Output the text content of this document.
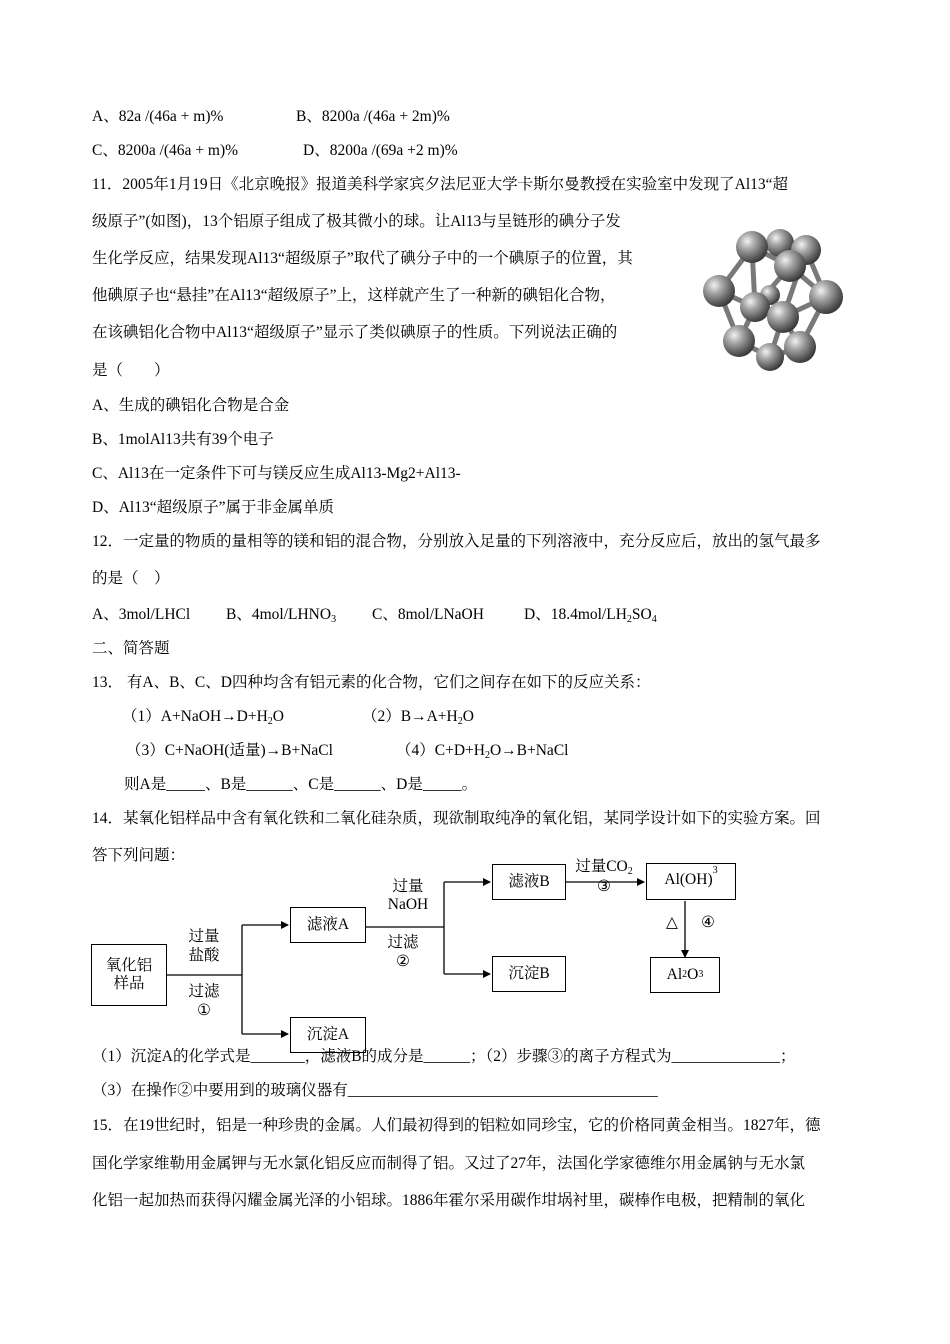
A、82a /(46a + m)%	B、8200a /(46a + 2m)%
C、8200a /(46a + m)%	D、8200a /(69a +2 m)%
11．2005年1月19日《北京晚报》报道美科学家宾夕法尼亚大学卡斯尔曼教授在实验室中发现了Al13“超
级原子”(如图)，13个铝原子组成了极其微小的球。让Al13与呈链形的碘分子发
生化学反应，结果发现Al13“超级原子”取代了碘分子中的一个碘原子的位置，其
他碘原子也“悬挂”在Al13“超级原子”上，这样就产生了一种新的碘铝化合物，
在该碘铝化合物中Al13“超级原子”显示了类似碘原子的性质。下列说法正确的
是（　　）
A、生成的碘铝化合物是合金
B、1molAl13共有39个电子
C、Al13在一定条件下可与镁反应生成Al13-Mg2+Al13-
D、Al13“超级原子”属于非金属单质
12．一定量的物质的量相等的镁和铝的混合物，分别放入足量的下列溶液中，充分反应后，放出的氢气最多
的是（　）
A、3mol/LHCl B、$4mol/LHNO_3$ C、8mol/LNaOH	D、$18.4mol/LH_2SO_4$
二、简答题
13． 有A、B、C、D四种均含有铝元素的化合物，它们之间存在如下的反应关系：
$(1)A+NaOH\to D+H_2O$	$(2)B\to A+H_2O$
（3）C+NaOH(适量)→B+NaCl	$(4)C+D+H_2O\to B+NaCl$
则A是_____、B是______、C是______、D是_____。
14．某氧化铝样品中含有氧化铁和二氧化硅杂质，现欲制取纯净的氧化铝，某同学设计如下的实验方案。回
答下列问题：
氧化铝
样品
过量
盐酸
过滤
①
滤液A
沉淀A
过量
NaOH
过滤
②
滤液B
沉淀B
过量$CO_2$
③	Al(OH)
3
△	④
Al 2 O 3
（1）沉淀A的化学式是_______，滤液B的成分是______；（2）步骤③的离子方程式为______________；
（3）在操作②中要用到的玻璃仪器有________________________________________
15．在19世纪时，铝是一种珍贵的金属。人们最初得到的铝粒如同珍宝，它的价格同黄金相当。1827年，德
国化学家维勒用金属钾与无水氯化铝反应而制得了铝。又过了27年，法国化学家德维尔用金属钠与无水氯
化铝一起加热而获得闪耀金属光泽的小铝球。1886年霍尔采用碳作坩埚衬里，碳棒作电极，把精制的氧化
